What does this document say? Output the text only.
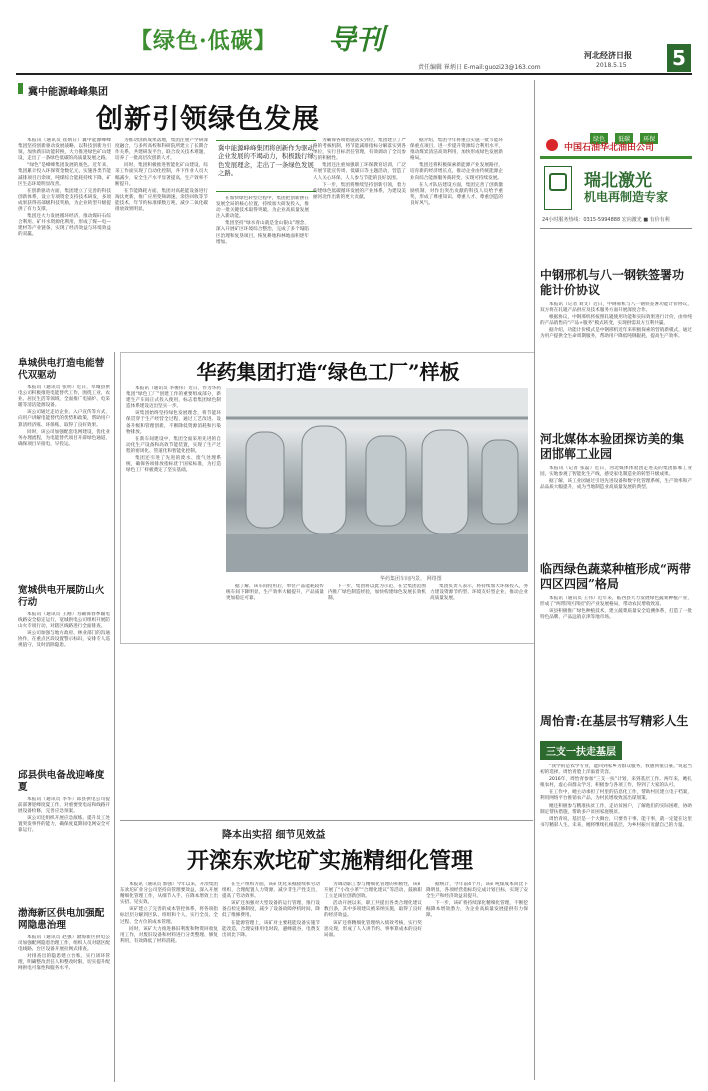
【绿色·低碳】 导刊
责任编辑 崔炳日 E-mail:guozi23@163.com
河北经济日报
2018.5.15 5
冀中能源峰峰集团
创新引领绿色发展

本报讯（通讯员 崔炳日）冀中能源峰峰集团坚持创新驱动发展战略，以科技创新为引领，加快新旧动能转换，大力推进绿色矿山建设，走出了一条绿色低碳的高质量发展之路。

“绿色”是峰峰集团发展的底色。近年来，集团累计投入环保资金数亿元，实施各类节能减排项目百余项，吨煤综合能耗持续下降，矿区生态环境明显改善。

在创新驱动方面，集团建立了完善的科技创新体系，设立专项资金支持技术研发，多项成果获得省部级科技奖励，为企业转型升级提供了有力支撑。

集团还大力发展循环经济，推动煤矸石综合利用、矿井水资源化利用，形成了煤—电—建材等产业链条，实现了经济效益与环境效益的双赢。

为推动创新成果落地，集团注重产学研深度融合，与多所高校和科研院所建立了长期合作关系，共建研发平台，联合攻关技术难题，培养了一批高层次创新人才。

同时，集团积极推进智能化矿山建设，综采工作面实现了自动化控制，井下作业人员大幅减少，安全生产水平显著提高，生产效率不断提升。

在节能降耗方面，集团对高耗能设备进行淘汰更新，推广应用变频调速、余热回收等节能技术，年节约标准煤数万吨，减少二氧化碳排放效果明显。

冀中能源峰峰集团将创新作为驱动企业发展的不竭动力，积极践行绿色发展理念，走出了一条绿色发展之路。

在加快绿色转型过程中，集团把创新摆在发展全局的核心位置，持续加大研发投入，推动一批关键技术取得突破，为企业高质量发展注入新动能。

集团坚持“绿水青山就是金山银山”理念，深入开展矿区环境综合整治，完成了多个塌陷区治理和复垦项目，恢复耕地和林地面积逐年增加。

为确保各项措施落实到位，集团建立了严格的考核机制，将节能减排指标分解落实到各单位，实行目标责任管理，有效调动了全员参与的积极性。

集团还注重加强职工环保教育培训，广泛开展节能宣传周、低碳日等主题活动，营造了人人关心环保、人人参与节能的良好氛围。

下一步，集团将继续坚持创新引领，着力构建绿色低碳循环发展的产业体系，为建设美丽河北作出新的更大贡献。

据介绍，集团今年将重点实施一批节能环保重点项目，进一步提升资源综合利用水平，推动煤炭清洁高效利用，加快形成绿色发展新格局。

集团还将积极探索新能源产业发展路径，培育新的经济增长点，推动企业由传统能源企业向综合能源服务商转变，实现可持续发展。

在人才队伍建设方面，集团完善了创新激励机制，对作出突出贡献的科技人员给予重奖，形成了尊重知识、尊重人才、尊重创造的良好风气。

阜城供电打造电能替代双驱动

本报讯（通讯员 张明）近日，阜城县供电公司积极推进电能替代工作，围绕工业、农业、居民生活等领域，全面推广电锅炉、电采暖等清洁能源设备。

该公司通过走访企业、入户宣传等方式，向用户讲解电能替代的优势和政策，帮助用户算清经济账、环保账，取得了良好效果。

同时，该公司加强配套电网建设，优化业务办理流程，为电能替代项目开辟绿色通道，确保项目早接电、早投运。

宽城供电开展防山火行动

本报讯（通讯员 王刚）为确保春季输电线路安全稳定运行，宽城供电公司组织开展防山火专项行动，对辖区线路进行全面排查。

该公司加强与地方政府、林业部门的沟通协作，在重点区段设置警示标识，安排专人巡视值守，及时消除隐患。

邱县供电备战迎峰度夏

本报讯（通讯员 李华）邱县供电公司提前部署迎峰度夏工作，对重要变电站和线路开展设备检修，完善应急预案。

该公司还组织开展应急演练，提升员工处置突发事件的能力，确保度夏期间电网安全可靠运行。

渤海新区供电加强配网隐患治理

本报讯（通讯员 赵强）渤海新区供电公司加强配网隐患治理工作，组织人员对辖区配电线路、台区设备开展拉网式排查。

对排查出的隐患建立台账，实行闭环管理，明确整改责任人和整改时限，切实提升配网供电可靠性和服务水平。

华药集团打造“绿色工厂”样板

本报讯（通讯员 李俊伟）近日，作为华药集团“绿色工厂”创建工作的重要组成部分，新建生产车间正式投入使用，标志着集团绿色制造体系建设迈出坚实一步。

该集团始终坚持绿色发展理念，将节能环保贯穿于生产经营全过程，通过工艺改进、设备升级和管理创新，不断降低资源消耗和污染物排放。

在新车间建设中，集团全面采用先进的自动化生产设备和高效节能装置，实现了生产过程的密闭化、管道化和智能化控制。

集团还引进了先进的废水、废气处理系统，确保各项排放指标优于国家标准，为打造绿色工厂样板奠定了坚实基础。

华药集团车间内景。 网络图

据了解，该车间投用后，单位产品能耗较传统车间下降明显，生产效率大幅提升，产品质量更加稳定可靠。

下一步，集团将以此为示范，在全集团范围内推广绿色制造经验，加快构建绿色发展长效机制。

集团负责人表示，将持续加大环保投入，努力建设资源节约型、环境友好型企业，推动企业高质量发展。

降本出实招 细节见效益
开滦东欢坨矿实施精细化管理

本报讯（通讯员 郭强）今年以来，开滦集团东欢坨矿业分公司坚持向管理要效益，深入开展精细化管理工作，从细节入手，在降本增效上出实招、见实效。

该矿建立了完善的成本管控体系，将各项指标层层分解到区队、班组和个人，实行全员、全过程、全方位的成本管理。

同时，该矿大力推进修旧利废和物资回收复用工作，对废旧设备和材料进行分类整理、修复利用，有效降低了材料消耗。

在生产组织方面，该矿优化采掘接续和劳动组织，合理配置人力资源，减少非生产性支出，提高了劳动效率。

该矿还加强对大型设备的运行管理，推行设备点检定修制度，减少了设备故障停机时间，降低了维修费用。

在能源管理上，该矿对主要耗能设备实施节能改造，合理安排用电时段，避峰就谷，电费支出同比下降。

为调动职工参与精细化管理的积极性，该矿开展了“小改小革”“合理化建议”等活动，鼓励职工立足岗位创新创效。

活动开展以来，职工共提出各类合理化建议数百条，其中多项建议被采纳实施，取得了良好的经济效益。

该矿还将精细化管理纳入绩效考核，实行奖惩兑现，形成了人人讲节约、事事算成本的良好局面。

据统计，今年前4个月，该矿吨煤成本同比下降明显，各项经营指标均完成计划目标，实现了安全生产和经济效益双提升。

下一步，该矿将持续深化精细化管理，不断挖掘降本增效潜力，为企业高质量发展提供有力保障。

绿色 低碳 环保
中国石油华北油田公司
瑞北激光
机电再制造专家
24小时服务热线：0315-5994888 宏向激光 ■ 有价有利
中钢邢机与八一钢铁签署功能计价协议

本报讯（记者 刘文）近日，中钢邢机与八一钢铁签署功能计价协议，双方将在轧辊产品供应及技术服务方面开展深度合作。

根据协议，中钢邢机将按照轧辊使用功能和实际效果进行计价，由单纯的产品销售向“产品+服务”模式转变，实现供需双方互利共赢。

据介绍，功能计价模式是中钢邢机近年来积极探索的营销新模式，通过为用户提供全生命周期服务，帮助用户降低吨钢辊耗，提高生产效率。

河北媒体本验团探访美的集团邯郸工业园

本报讯（记者 张磊）近日，河北媒体体验团走进美的集团邯郸工业园，实地参观了智能化生产线，感受家电制造业的转型升级成果。

据了解，该工业园通过引进先进设备和数字化管理系统，生产效率和产品品质大幅提升，成为当地制造业高质量发展的典型。

临西绿色蔬菜种植形成“两带四区四园”格局

本报讯（通讯员 王伟）近年来，临西县大力发展绿色蔬菜种植产业，形成了“两带四区四园”的产业发展格局，带动农民增收致富。

该县积极推广绿色种植技术，建立蔬菜质量安全追溯体系，打造了一批特色品牌，产品远销京津等地市场。

周怡青:在基层书写精彩人生
三支一扶走基层

“我学的是农学专业，能回到家乡为群众服务，我感到很自豪。”说起当初的选择，周怡青脸上洋溢着笑容。

2016年，周怡青参加“三支一扶”计划，来到基层工作。两年来，她扎根农村，虚心向群众学习，积极参与各项工作，得到了大家的认可。

在工作中，她主动承担了村里的信息化工作，帮助村民建立电子档案，利用网络平台推销农产品，为村民增收致富出谋划策。

她还积极参与精准扶贫工作，走访贫困户，了解他们的实际困难，协助制定帮扶措施，帮助多户贫困家庭脱贫。

周怡青说，基层是一个大舞台，只要肯干事、能干事，就一定能在这里书写精彩人生。未来，她将继续扎根基层，为乡村振兴贡献自己的力量。
